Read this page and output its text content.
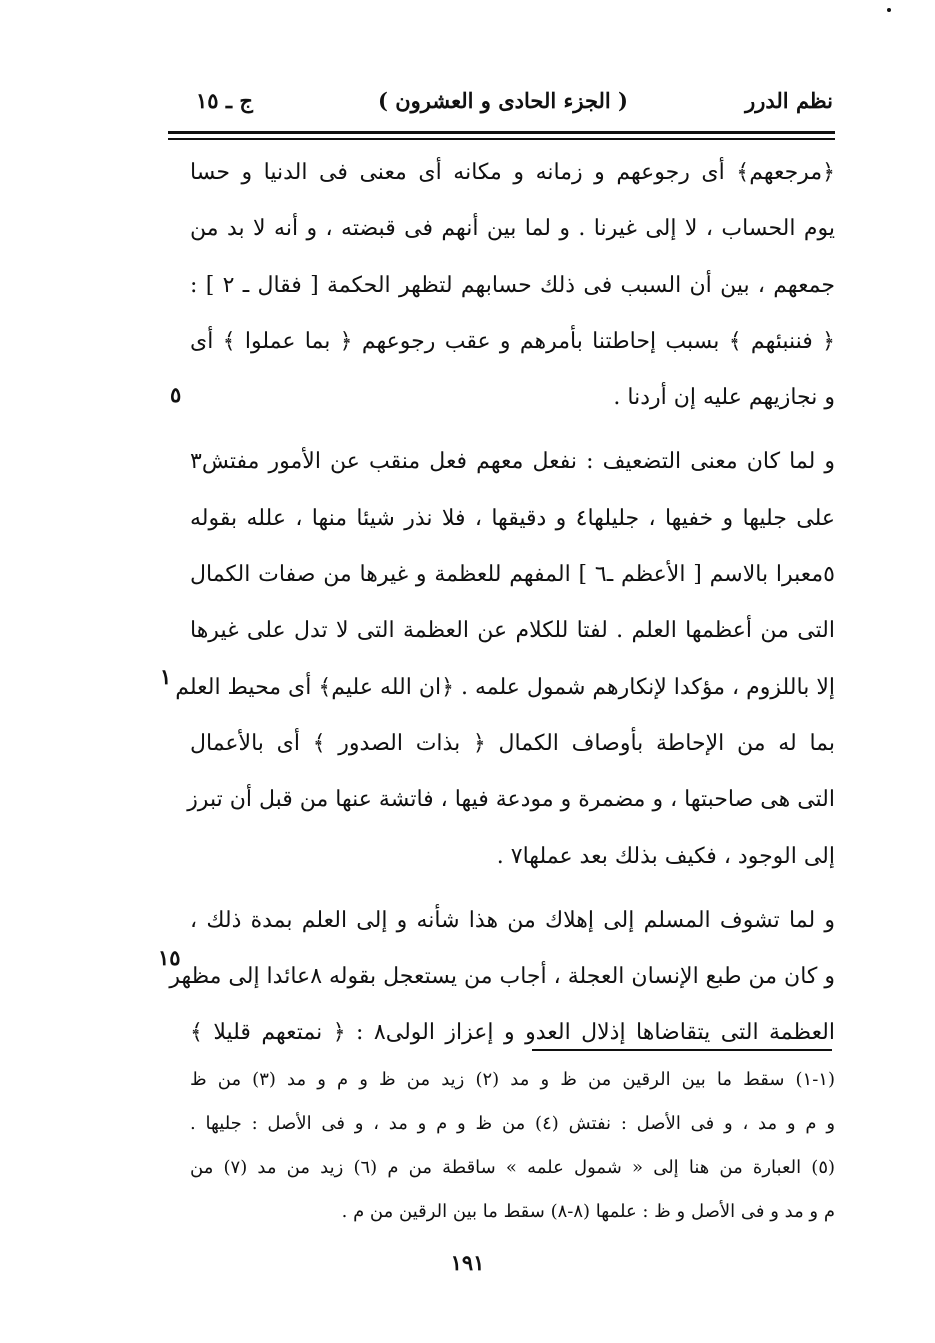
نظم الدرر
( الجزء الحادى و العشرون )
ج ـ ١٥
﴿مرجعهم﴾ أى رجوعهم و زمانه و مكانه أى معنى فى الدنيا و حسا
يوم الحساب ، لا إلى غيرنا . و لما بين أنهم فى قبضته ، و أنه لا بد من
جمعهم ، بين أن السبب فى ذلك حسابهم لتظهر الحكمة [ فقال ـ ٢ ] :
﴿ فننبئهم ﴾ بسبب إحاطتنا بأمرهم و عقب رجوعهم ﴿ بما عملوا ﴾ أى
و نجازيهم عليه إن أردنا .
و لما كان معنى التضعيف : نفعل معهم فعل منقب عن الأمور مفتش٣
على جليها و خفيها ، جليلها٤ و دقيقها ، فلا نذر شيئا منها ، علله بقوله
٥معبرا بالاسم [ الأعظم ـ٦ ] المفهم للعظمة و غيرها من صفات الكمال
التى من أعظمها العلم . لفتا للكلام عن العظمة التى لا تدل على غيرها
إلا باللزوم ، مؤكدا لإنكارهم شمول علمه . ﴿ان الله عليم﴾ أى محيط العلم
بما له من الإحاطة بأوصاف الكمال ﴿ بذات الصدور ﴾ أى بالأعمال
التى هى صاحبتها ، و مضمرة و مودعة فيها ، فاتشة عنها من قبل أن تبرز
إلى الوجود ، فكيف بذلك بعد عملها٧ .
و لما تشوف المسلم إلى إهلاك من هذا شأنه و إلى العلم بمدة ذلك ،
و كان من طبع الإنسان العجلة ، أجاب من يستعجل بقوله ٨عائدا إلى مظهر
العظمة التى يتقاضاها إذلال العدو و إعزاز الولى٨ : ﴿ نمتعهم قليلا ﴾
٥
١
١٥
(١-١) سقط ما بين الرقين من ظ و مد (٢) زيد من ظ و م و مد (٣) من ظ
و م و مد ، و فى الأصل : نفتش (٤) من ظ و م و مد ، و فى الأصل : جليها .
(٥) العبارة من هنا إلى « شمول علمه » ساقطة من م (٦) زيد من مد (٧) من
م و مد و فى الأصل و ظ : علمها (٨-٨) سقط ما بين الرقين من م .
١٩١
